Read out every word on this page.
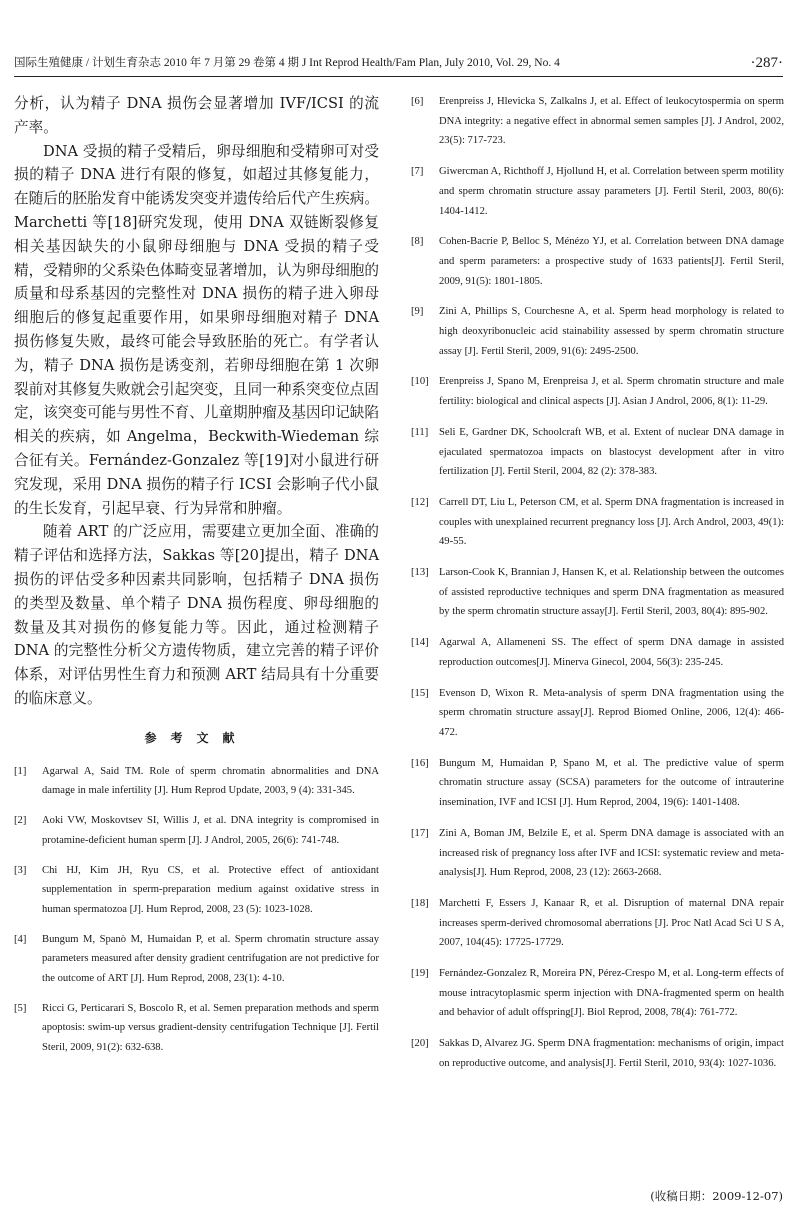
国际生殖健康 / 计划生育杂志 2010 年 7 月第 29 卷第 4 期 J Int Reprod Health/Fam Plan, July 2010, Vol. 29, No. 4	·287·

分析，认为精子 DNA 损伤会显著增加 IVF/ICSI 的流产率。

DNA 受损的精子受精后，卵母细胞和受精卵可对受损的精子 DNA 进行有限的修复，如超过其修复能力，在随后的胚胎发育中能诱发突变并遗传给后代产生疾病。Marchetti 等[18]研究发现，使用 DNA 双链断裂修复相关基因缺失的小鼠卵母细胞与 DNA 受损的精子受精，受精卵的父系染色体畸变显著增加，认为卵母细胞的质量和母系基因的完整性对 DNA 损伤的精子进入卵母细胞后的修复起重要作用，如果卵母细胞对精子 DNA 损伤修复失败，最终可能会导致胚胎的死亡。有学者认为，精子 DNA 损伤是诱变剂，若卵母细胞在第 1 次卵裂前对其修复失败就会引起突变，且同一种系突变位点固定，该突变可能与男性不育、儿童期肿瘤及基因印记缺陷相关的疾病，如 Angelma，Beckwith-Wiedeman 综合征有关。Fernández-Gonzalez 等[19]对小鼠进行研究发现，采用 DNA 损伤的精子行 ICSI 会影响子代小鼠的生长发育，引起早衰、行为异常和肿瘤。

随着 ART 的广泛应用，需要建立更加全面、准确的精子评估和选择方法，Sakkas 等[20]提出，精子 DNA 损伤的评估受多种因素共同影响，包括精子 DNA 损伤的类型及数量、单个精子 DNA 损伤程度、卵母细胞的数量及其对损伤的修复能力等。因此，通过检测精子 DNA 的完整性分析父方遗传物质，建立完善的精子评价体系，对评估男性生育力和预测 ART 结局具有十分重要的临床意义。

参考文献
[1]	Agarwal A, Said TM. Role of sperm chromatin abnormalities and DNA damage in male infertility [J]. Hum Reprod Update, 2003, 9 (4): 331-345.
[2]	Aoki VW, Moskovtsev SI, Willis J, et al. DNA integrity is compromised in protamine-deficient human sperm [J]. J Androl, 2005, 26(6): 741-748.
[3]	Chi HJ, Kim JH, Ryu CS, et al. Protective effect of antioxidant supplementation in sperm-preparation medium against oxidative stress in human spermatozoa [J]. Hum Reprod, 2008, 23 (5): 1023-1028.
[4]	Bungum M, Spanò M, Humaidan P, et al. Sperm chromatin structure assay parameters measured after density gradient centrifugation are not predictive for the outcome of ART [J]. Hum Reprod, 2008, 23(1): 4-10.
[5]	Ricci G, Perticarari S, Boscolo R, et al. Semen preparation methods and sperm apoptosis: swim-up versus gradient-density centrifugation Technique [J]. Fertil Steril, 2009, 91(2): 632-638.
[6]	Erenpreiss J, Hlevicka S, Zalkalns J, et al. Effect of leukocytospermia on sperm DNA integrity: a negative effect in abnormal semen samples [J]. J Androl, 2002, 23(5): 717-723.
[7]	Giwercman A, Richthoff J, Hjollund H, et al. Correlation between sperm motility and sperm chromatin structure assay parameters [J]. Fertil Steril, 2003, 80(6): 1404-1412.
[8]	Cohen-Bacrie P, Belloc S, Ménézo YJ, et al. Correlation between DNA damage and sperm parameters: a prospective study of 1633 patients[J]. Fertil Steril, 2009, 91(5): 1801-1805.
[9]	Zini A, Phillips S, Courchesne A, et al. Sperm head morphology is related to high deoxyribonucleic acid stainability assessed by sperm chromatin structure assay [J]. Fertil Steril, 2009, 91(6): 2495-2500.
[10] Erenpreiss J, Spano M, Erenpreisa J, et al. Sperm chromatin structure and male fertility: biological and clinical aspects [J]. Asian J Androl, 2006, 8(1): 11-29.
[11]	Seli E, Gardner DK, Schoolcraft WB, et al. Extent of nuclear DNA damage in ejaculated spermatozoa impacts on blastocyst development after in vitro fertilization [J]. Fertil Steril, 2004, 82 (2): 378-383.
[12] Carrell DT, Liu L, Peterson CM, et al. Sperm DNA fragmentation is increased in couples with unexplained recurrent pregnancy loss [J]. Arch Androl, 2003, 49(1): 49-55.
[13] Larson-Cook K, Brannian J, Hansen K, et al. Relationship between the outcomes of assisted reproductive techniques and sperm DNA fragmentation as measured by the sperm chromatin structure assay[J]. Fertil Steril, 2003, 80(4): 895-902.
[14] Agarwal A, Allameneni SS. The effect of sperm DNA damage in assisted reproduction outcomes[J]. Minerva Ginecol, 2004, 56(3): 235-245.
[15] Evenson D, Wixon R. Meta-analysis of sperm DNA fragmentation using the sperm chromatin structure assay[J]. Reprod Biomed Online, 2006, 12(4): 466-472.
[16] Bungum M, Humaidan P, Spano M, et al. The predictive value of sperm chromatin structure assay (SCSA) parameters for the outcome of intrauterine insemination, IVF and ICSI [J]. Hum Reprod, 2004, 19(6): 1401-1408.
[17] Zini A, Boman JM, Belzile E, et al. Sperm DNA damage is associated with an increased risk of pregnancy loss after IVF and ICSI: systematic review and meta-analysis[J]. Hum Reprod, 2008, 23 (12): 2663-2668.
[18] Marchetti F, Essers J, Kanaar R, et al. Disruption of maternal DNA repair increases sperm-derived chromosomal aberrations [J]. Proc Natl Acad Sci U S A, 2007, 104(45): 17725-17729.
[19] Fernández-Gonzalez R, Moreira PN, Pérez-Crespo M, et al. Long-term effects of mouse intracytoplasmic sperm injection with DNA-fragmented sperm on health and behavior of adult offspring[J]. Biol Reprod, 2008, 78(4): 761-772.
[20] Sakkas D, Alvarez JG. Sperm DNA fragmentation: mechanisms of origin, impact on reproductive outcome, and analysis[J]. Fertil Steril, 2010, 93(4): 1027-1036.
(收稿日期：2009-12-07)
